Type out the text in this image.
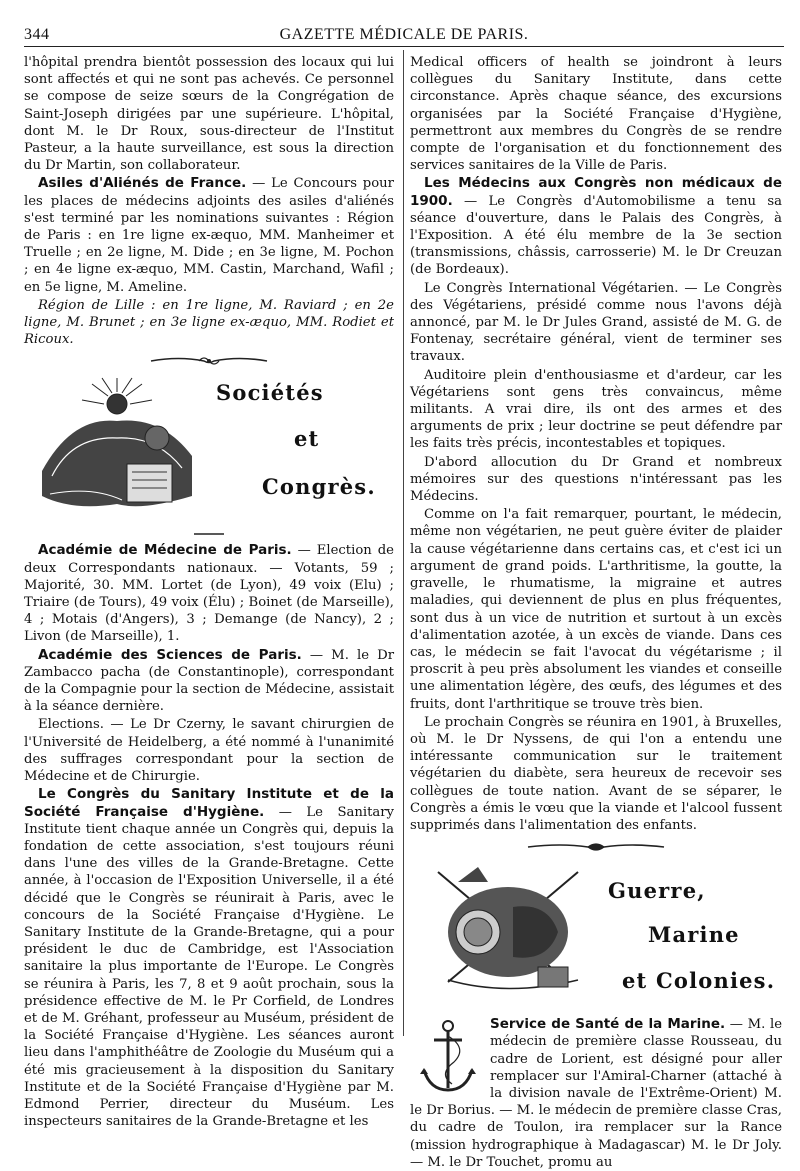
344	GAZETTE MÉDICALE DE PARIS.

l'hôpital prendra bientôt possession des locaux qui lui sont affectés et qui ne sont pas achevés. Ce personnel se compose de seize sœurs de la Congrégation de Saint-Joseph dirigées par une supérieure. L'hôpital, dont M. le Dr Roux, sous-directeur de l'Institut Pasteur, a la haute surveillance, est sous la direction du Dr Martin, son collaborateur.

Asiles d'Aliénés de France. — Le Concours pour les places de médecins adjoints des asiles d'aliénés s'est terminé par les nominations suivantes : Région de Paris : en 1re ligne ex-æquo, MM. Manheimer et Truelle ; en 2e ligne, M. Dide ; en 3e ligne, M. Pochon ; en 4e ligne ex-æquo, MM. Castin, Marchand, Wafil ; en 5e ligne, M. Ameline.

Région de Lille : en 1re ligne, M. Raviard ; en 2e ligne, M. Brunet ; en 3e ligne ex-æquo, MM. Rodiet et Ricoux.

Sociétés
et
Congrès.

Académie de Médecine de Paris. — Election de deux Correspondants nationaux. — Votants, 59 ; Majorité, 30. MM. Lortet (de Lyon), 49 voix (Elu) ; Triaire (de Tours), 49 voix (Élu) ; Boinet (de Marseille), 4 ; Motais (d'Angers), 3 ; Demange (de Nancy), 2 ; Livon (de Marseille), 1.

Académie des Sciences de Paris. — M. le Dr Zambacco pacha (de Constantinople), correspondant de la Compagnie pour la section de Médecine, assistait à la séance dernière.

Elections. — Le Dr Czerny, le savant chirurgien de l'Université de Heidelberg, a été nommé à l'unanimité des suffrages correspondant pour la section de Médecine et de Chirurgie.

Le Congrès du Sanitary Institute et de la Société Française d'Hygiène. — Le Sanitary Institute tient chaque année un Congrès qui, depuis la fondation de cette association, s'est toujours réuni dans l'une des villes de la Grande-Bretagne. Cette année, à l'occasion de l'Exposition Universelle, il a été décidé que le Congrès se réunirait à Paris, avec le concours de la Société Française d'Hygiène. Le Sanitary Institute de la Grande-Bretagne, qui a pour président le duc de Cambridge, est l'Association sanitaire la plus importante de l'Europe. Le Congrès se réunira à Paris, les 7, 8 et 9 août prochain, sous la présidence effective de M. le Pr Corfield, de Londres et de M. Gréhant, professeur au Muséum, président de la Société Française d'Hygiène. Les séances auront lieu dans l'amphithéâtre de Zoologie du Muséum qui a été mis gracieusement à la disposition du Sanitary Institute et de la Société Française d'Hygiène par M. Edmond Perrier, directeur du Muséum. Les inspecteurs sanitaires de la Grande-Bretagne et les

Medical officers of health se joindront à leurs collègues du Sanitary Institute, dans cette circonstance. Après chaque séance, des excursions organisées par la Société Française d'Hygiène, permettront aux membres du Congrès de se rendre compte de l'organisation et du fonctionnement des services sanitaires de la Ville de Paris.

Les Médecins aux Congrès non médicaux de 1900. — Le Congrès d'Automobilisme a tenu sa séance d'ouverture, dans le Palais des Congrès, à l'Exposition. A été élu membre de la 3e section (transmissions, châssis, carrosserie) M. le Dr Creuzan (de Bordeaux).

Le Congrès International Végétarien. — Le Congrès des Végétariens, présidé comme nous l'avons déjà annoncé, par M. le Dr Jules Grand, assisté de M. G. de Fontenay, secrétaire général, vient de terminer ses travaux.

Auditoire plein d'enthousiasme et d'ardeur, car les Végétariens sont gens très convaincus, même militants. A vrai dire, ils ont des armes et des arguments de prix ; leur doctrine se peut défendre par les faits très précis, incontestables et topiques.

D'abord allocution du Dr Grand et nombreux mémoires sur des questions n'intéressant pas les Médecins.

Comme on l'a fait remarquer, pourtant, le médecin, même non végétarien, ne peut guère éviter de plaider la cause végétarienne dans certains cas, et c'est ici un argument de grand poids. L'arthritisme, la goutte, la gravelle, le rhumatisme, la migraine et autres maladies, qui deviennent de plus en plus fréquentes, sont dus à un vice de nutrition et surtout à un excès d'alimentation azotée, à un excès de viande. Dans ces cas, le médecin se fait l'avocat du végétarisme ; il proscrit à peu près absolument les viandes et conseille une alimentation légère, des œufs, des légumes et des fruits, dont l'arthritique se trouve très bien.

Le prochain Congrès se réunira en 1901, à Bruxelles, où M. le Dr Nyssens, de qui l'on a entendu une intéressante communication sur le traitement végétarien du diabète, sera heureux de recevoir ses collègues de toute nation. Avant de se séparer, le Congrès a émis le vœu que la viande et l'alcool fussent supprimés dans l'alimentation des enfants.

Guerre,
Marine
et Colonies.

Service de Santé de la Marine. — M. le médecin de première classe Rousseau, du cadre de Lorient, est désigné pour aller remplacer sur l'Amiral-Charner (attaché à la division navale de l'Extrême-Orient) M. le Dr Borius. — M. le médecin de première classe Cras, du cadre de Toulon, ira remplacer sur la Rance (mission hydrographique à Madagascar) M. le Dr Joly. — M. le Dr Touchet, promu au
